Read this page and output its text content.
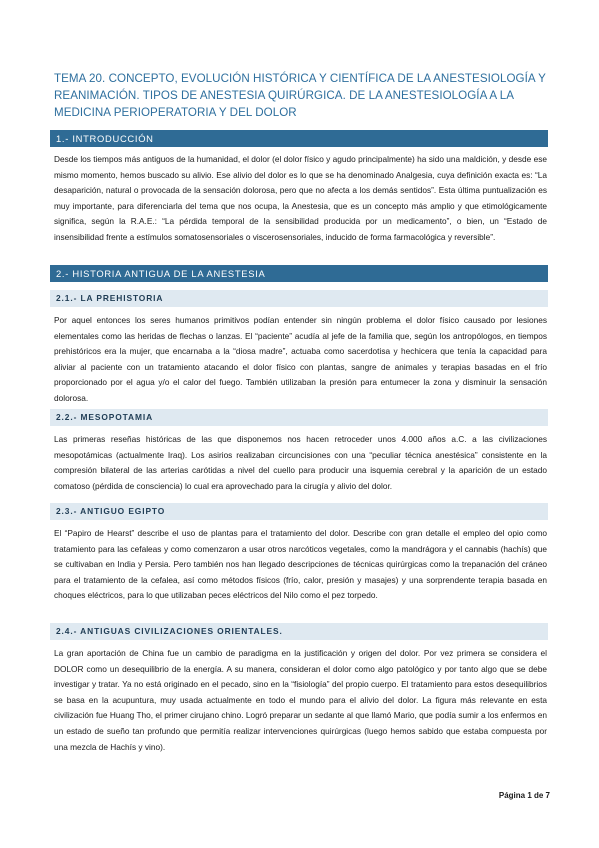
TEMA 20. CONCEPTO, EVOLUCIÓN HISTÓRICA Y CIENTÍFICA DE LA ANESTESIOLOGÍA Y REANIMACIÓN. TIPOS DE ANESTESIA QUIRÚRGICA. DE LA ANESTESIOLOGÍA A LA MEDICINA PERIOPERATORIA Y DEL DOLOR
1.- INTRODUCCIÓN

Desde los tiempos más antiguos de la humanidad, el dolor (el dolor físico y agudo principalmente) ha sido una maldición, y desde ese mismo momento, hemos buscado su alivio. Ese alivio del dolor es lo que se ha denominado Analgesia, cuya definición exacta es: “La desaparición, natural o provocada de la sensación dolorosa, pero que no afecta a los demás sentidos”. Esta última puntualización es muy importante, para diferenciarla del tema que nos ocupa, la Anestesia, que es un concepto más amplio y que etimológicamente significa, según la R.A.E.: “La pérdida temporal de la sensibilidad producida por un medicamento”, o bien, un “Estado de insensibilidad frente a estímulos somatosensoriales o viscerosensoriales, inducido de forma farmacológica y reversible”.

2.- HISTORIA ANTIGUA DE LA ANESTESIA
2.1.- LA PREHISTORIA

Por aquel entonces los seres humanos primitivos podían entender sin ningún problema el dolor físico causado por lesiones elementales como las heridas de flechas o lanzas. El “paciente” acudía al jefe de la familia que, según los antropólogos, en tiempos prehistóricos era la mujer, que encarnaba a la “diosa madre”, actuaba como sacerdotisa y hechicera que tenía la capacidad para aliviar al paciente con un tratamiento atacando el dolor físico con plantas, sangre de animales y terapias basadas en el frío proporcionado por el agua y/o el calor del fuego. También utilizaban la presión para entumecer la zona y disminuir la sensación dolorosa.

2.2.- MESOPOTAMIA

Las primeras reseñas históricas de las que disponemos nos hacen retroceder unos 4.000 años a.C. a las civilizaciones mesopotámicas (actualmente Iraq). Los asirios realizaban circuncisiones con una “peculiar técnica anestésica” consistente en la compresión bilateral de las arterias carótidas a nivel del cuello para producir una isquemia cerebral y la aparición de un estado comatoso (pérdida de consciencia) lo cual era aprovechado para la cirugía y alivio del dolor.

2.3.- ANTIGUO EGIPTO

El “Papiro de Hearst” describe el uso de plantas para el tratamiento del dolor. Describe con gran detalle el empleo del opio como tratamiento para las cefaleas y como comenzaron a usar otros narcóticos vegetales, como la mandrágora y el cannabis (hachís) que se cultivaban en India y Persia. Pero también nos han llegado descripciones de técnicas quirúrgicas como la trepanación del cráneo para el tratamiento de la cefalea, así como métodos físicos (frío, calor, presión y masajes) y una sorprendente terapia basada en choques eléctricos, para lo que utilizaban peces eléctricos del Nilo como el pez torpedo.

2.4.- ANTIGUAS CIVILIZACIONES ORIENTALES.

La gran aportación de China fue un cambio de paradigma en la justificación y origen del dolor. Por vez primera se considera el DOLOR como un desequilibrio de la energía. A su manera, consideran el dolor como algo patológico y por tanto algo que se debe investigar y tratar. Ya no está originado en el pecado, sino en la “fisiología” del propio cuerpo. El tratamiento para estos desequilibrios se basa en la acupuntura, muy usada actualmente en todo el mundo para el alivio del dolor. La figura más relevante en esta civilización fue Huang Tho, el primer cirujano chino. Logró preparar un sedante al que llamó Mario, que podía sumir a los enfermos en un estado de sueño tan profundo que permitía realizar intervenciones quirúrgicas (luego hemos sabido que estaba compuesta por una mezcla de Hachís y vino).

Página 1 de 7
